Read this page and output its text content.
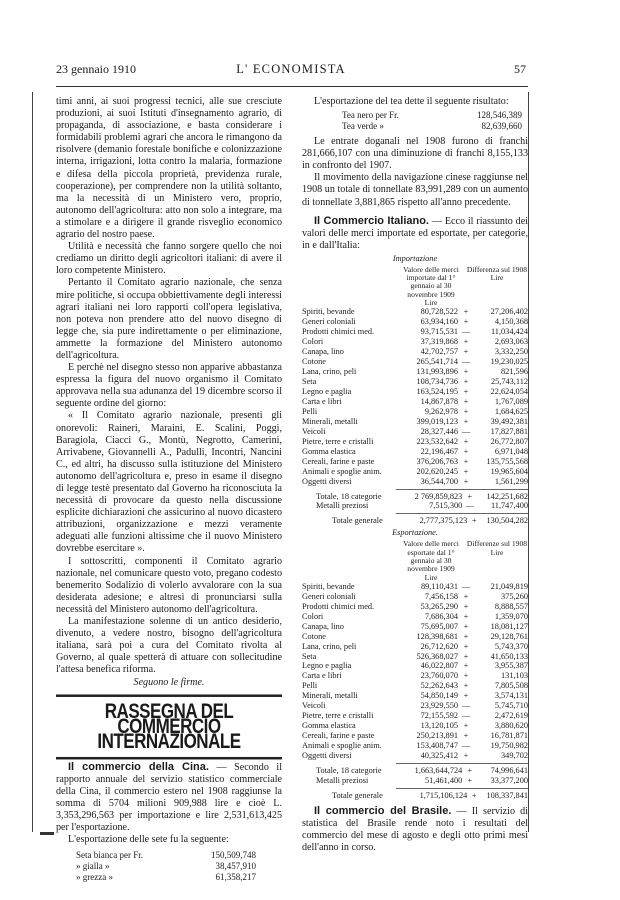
23 gennaio 1910	L' ECONOMISTA	57

timi anni, ai suoi progressi tecnici, alle sue cresciute produzioni, ai suoi Istituti d'insegnamento agrario, di propaganda, di associazione, e basta considerare i formidabili problemi agrari che ancora le rimangono da risolvere (demanio forestale bonifiche e colonizzazione interna, irrigazioni, lotta contro la malaria, formazione e difesa della piccola proprietà, previdenza rurale, cooperazione), per comprendere non la utilità soltanto, ma la necessità di un Ministero vero, proprio, autonomo dell'agricoltura: atto non solo a integrare, ma a stimolare e a dirigere il grande risveglio economico agrario del nostro paese.

Utilità e necessità che fanno sorgere quello che noi crediamo un diritto degli agricoltori italiani: di avere il loro competente Ministero.

Pertanto il Comitato agrario nazionale, che senza mire politiche, si occupa obbiettivamente degli interessi agrari italiani nei loro rapporti coll'opera legislativa, non poteva non prendere atto del nuovo disegno di legge che, sia pure indirettamente o per eliminazione, ammette la formazione del Ministero autonomo dell'agricoltura.

E perchè nel disegno stesso non apparive abbastanza espressa la figura del nuovo organismo il Comitato approvava nella sua adunanza del 19 dicembre scorso il seguente ordine del giorno:

« Il Comitato agrario nazionale, presenti gli onorevoli: Raineri, Maraini, E. Scalini, Poggi, Baragiola, Ciacci G., Montù, Negrotto, Camerini, Arrivabene, Giovannelli A., Padulli, Incontri, Nancini C., ed altri, ha discusso sulla istituzione del Ministero autonomo dell'agricoltura e, preso in esame il disegno di legge testè presentato dal Governo ha riconosciuta la necessità di provocare da questo nella discussione esplicite dichiarazioni che assicurino al nuovo dicastero attribuzioni, organizzazione e mezzi veramente adeguati alle funzioni altissime che il nuovo Ministero dovrebbe esercitare ».

I sottoscritti, componenti il Comitato agrario nazionale, nel comunicare questo voto, pregano codesto benemerito Sodalizio di volerlo avvalorare con la sua desiderata adesione; e altresì di pronunciarsi sulla necessità del Ministero autonomo dell'agricoltura.

La manifestazione solenne di un antico desiderio, divenuto, a vedere nostro, bisogno dell'agricoltura italiana, sarà poi a cura del Comitato rivolta al Governo, al quale spetterà di attuare con sollecitudine l'attesa benefica riforma.

Seguono le firme.

RASSEGNA DEL COMMERCIO INTERNAZIONALE

Il commercio della Cina. — Secondo il rapporto annuale del servizio statistico commerciale della Cina, il commercio estero nel 1908 raggiunse la somma di 5704 milioni 909,988 lire e cioè L. 3,353,296,563 per importazione e lire 2,531,613,425 per l'esportazione.

L'esportazione delle sete fu la seguente:

Seta bianca per Fr.	150,509,748
» gialla »	38,457,910
» grezza »	61,358,217

L'esportazione del tea dette il seguente risultato:

Tea nero per Fr.	128,546,389
Tea verde »	82,639,660

Le entrate doganali nel 1908 furono di franchi 281,666,107 con una diminuzione di franchi 8,155,133 in confronto del 1907.

Il movimento della navigazione cinese raggiunse nel 1908 un totale di tonnellate 83,991,289 con un aumento di tonnellate 3,881,865 rispetto all'anno precedente.

Il Commercio Italiano. — Ecco il riassunto dei valori delle merci importate ed esportate, per categorie, in e dall'Italia:

Importazione
Valore delle merci importate dal 1° gennaio al 30 novembre 1909
Lire
Differenza sul 1908
Lire
Spiriti, bevande	80,728,522 +	27,206,402
Generi coloniali	63,934,160 +	4,150,368
Prodotti chimici med.	93,715,531 —	11,034,424
Colori	37,319,868 +	2,693,063
Canapa, lino	42,702,757 +	3,332,250
Cotone	265,541,714 —	19,230,025
Lana, crino, peli	131,993,896 +	821,596
Seta	108,734,736 +	25,743,112
Legno e paglia	163,524,195 +	22,624,054
Carta e libri	14,867,878 +	1,767,089
Pelli	9,262,978 +	1,684,625
Minerali, metalli	399,019,123 +	39,492,381
Veicoli	28,327,446 —	17,827,881
Pietre, terre e cristalli	223,532,642 +	26,772,807
Gomma elastica	22,196,467 +	6,971,048
Cereali, farine e paste	376,206,763 +	135,755,568
Animali e spoglie anim.	202,620,245 +	19,965,604
Oggetti diversi	36,544,700 +	1,561,299
Totale, 18 categorie	2 769,859,823 +	142,251,682
Metalli preziosi	7,515,300 —	11,747,400
Totale generale	2,777,375,123 +	130,504,282
Esportazione.
Valore delle merci esportate dal 1° gennaio al 30 novembre 1909
Lire
Differenze sul 1908
Lire
Spiriti, bevande	89,110,431 —	21,049,819
Generi coloniali	7,456,158 +	375,260
Prodotti chimici med.	53,265,290 +	8,888,557
Colori	7,686,304 +	1,359,070
Canapa, lino	75,695,007 +	18,081,127
Cotone	128,398,681 +	29,128,761
Lana, crino, peli	26,712,620 +	5,743,370
Seta	526,368,027 +	41,650,133
Legno e paglia	46,022,807 +	3,955,387
Carta e libri	23,760,070 +	131,103
Pelli	52,262,643 +	7,805,508
Minerali, metalli	54,850,149 +	3,574,131
Veicoli	23,929,550 —	5,745,710
Pietre, terre e cristalli	72,155,592 —	2,472,619
Gomma elastica	13,120,105 +	3,880,620
Cereali, farine e paste	250,213,891 +	16,781,871
Animali e spoglie anim.	153,408,747 —	19,750,982
Oggetti diversi	40,325,412 +	349,702
Totale, 18 categorie	1,663,644,724 +	74,996,641
Metalli preziosi	51,461,400 +	33,377,200
Totale generale	1,715,106,124 +	108,337,841

Il commercio del Brasile. — Il servizio di statistica del Brasile rende noto i resultati del commercio del mese di agosto e degli otto primi mesi dell'anno in corso.
